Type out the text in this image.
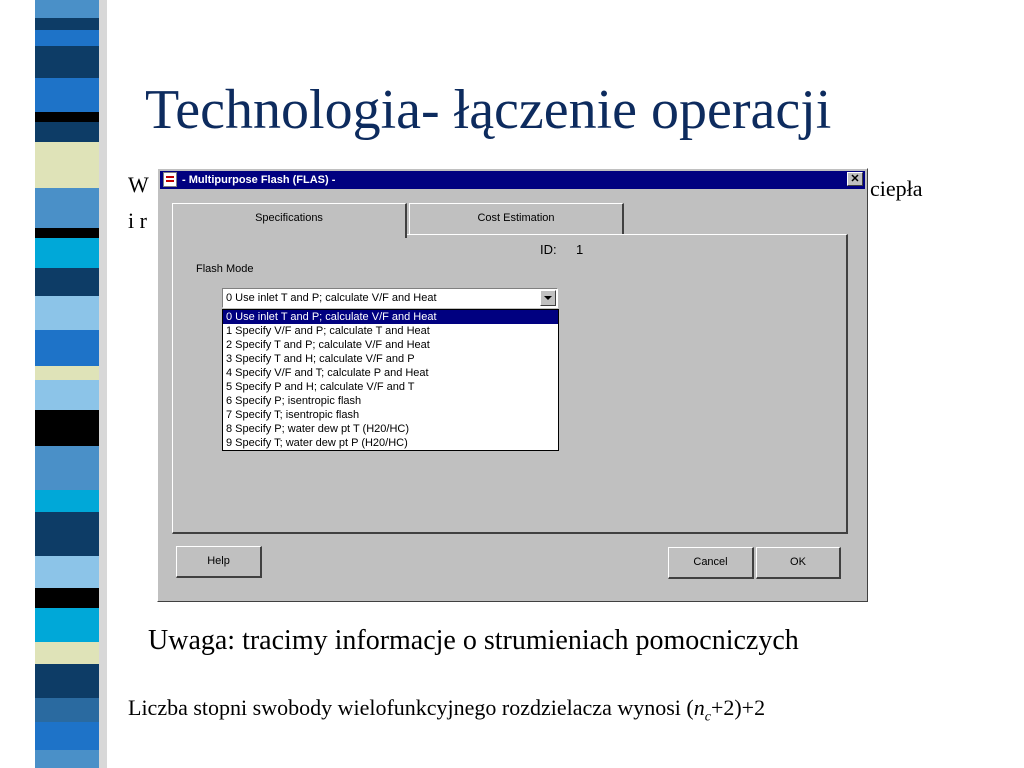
Technologia- łączenie operacji
W
i r
ciepła
- Multipurpose Flash (FLAS) -	✕
Specifications	Cost Estimation
ID: 1
Flash Mode
0 Use inlet T and P; calculate V/F and Heat
0 Use inlet T and P; calculate V/F and Heat
1 Specify V/F and P; calculate T and Heat
2 Specify T and P; calculate V/F and Heat
3 Specify T and H; calculate V/F and P
4 Specify V/F and T; calculate P and Heat
5 Specify P and H; calculate V/F and T
6 Specify P; isentropic flash
7 Specify T; isentropic flash
8 Specify P; water dew pt T (H20/HC)
9 Specify T; water dew pt P (H20/HC)
Help	Cancel	OK
Uwaga: tracimy informacje o strumieniach pomocniczych
Liczba stopni swobody wielofunkcyjnego rozdzielacza wynosi $(n_c+2)+2$
